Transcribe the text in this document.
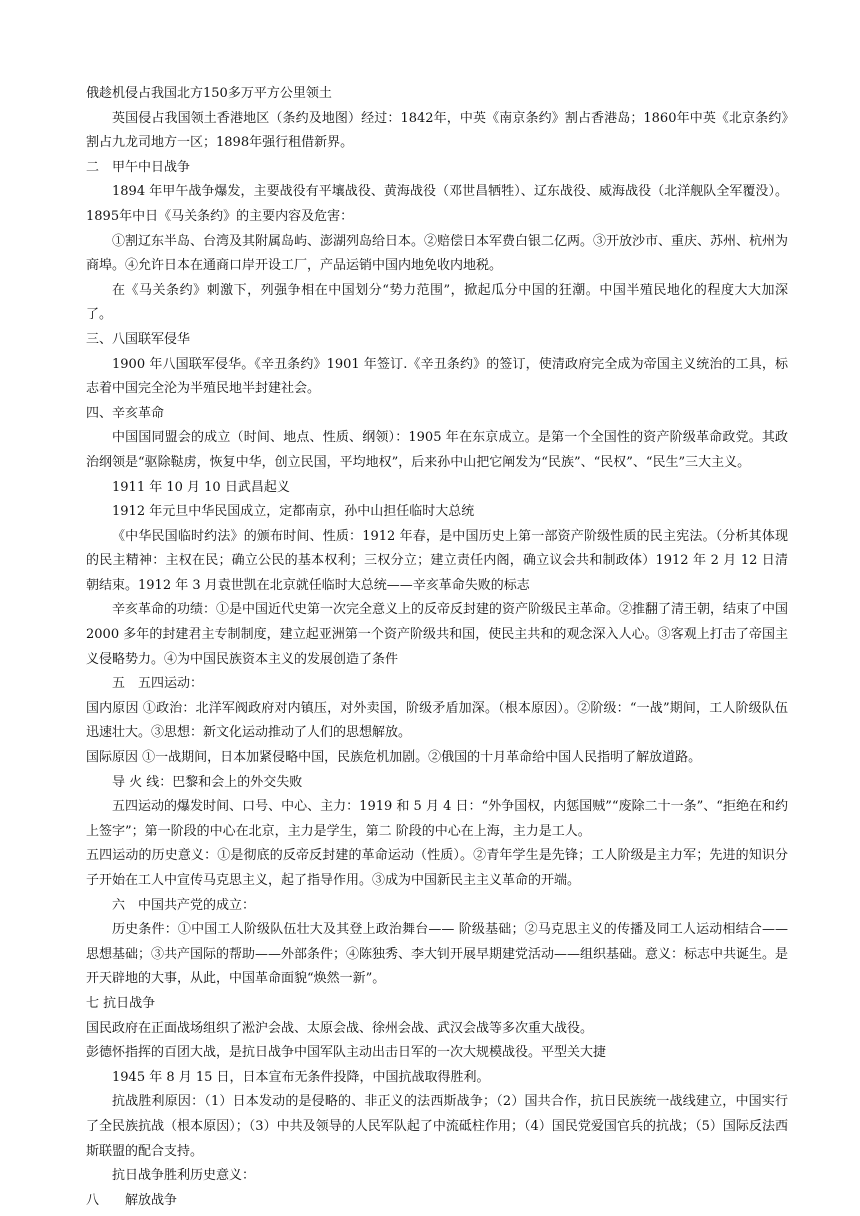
俄趁机侵占我国北方150多万平方公里领土

英国侵占我国领土香港地区（条约及地图）经过：1842年，中英《南京条约》割占香港岛；1860年中英《北京条约》割占九龙司地方一区；1898年强行租借新界。

二　甲午中日战争

1894 年甲午战争爆发，主要战役有平壤战役、黄海战役（邓世昌牺牲）、辽东战役、威海战役（北洋舰队全军覆没）。1895年中日《马关条约》的主要内容及危害：

①割辽东半岛、台湾及其附属岛屿、澎湖列岛给日本。②赔偿日本军费白银二亿两。③开放沙市、重庆、苏州、杭州为商埠。④允许日本在通商口岸开设工厂，产品运销中国内地免收内地税。

在《马关条约》刺激下，列强争相在中国划分“势力范围”，掀起瓜分中国的狂潮。中国半殖民地化的程度大大加深了。

三、八国联军侵华

1900 年八国联军侵华。《辛丑条约》1901 年签订.《辛丑条约》的签订，使清政府完全成为帝国主义统治的工具，标志着中国完全沦为半殖民地半封建社会。

四、辛亥革命

中国国同盟会的成立（时间、地点、性质、纲领）：1905 年在东京成立。是第一个全国性的资产阶级革命政党。其政治纲领是“驱除鞑虏，恢复中华，创立民国，平均地权”，后来孙中山把它阐发为“民族”、“民权”、“民生”三大主义。

1911 年 10 月 10 日武昌起义

1912 年元旦中华民国成立，定都南京，孙中山担任临时大总统

《中华民国临时约法》的颁布时间、性质：1912 年春，是中国历史上第一部资产阶级性质的民主宪法。（分析其体现的民主精神：主权在民；确立公民的基本权利；三权分立；建立责任内阁，确立议会共和制政体）1912 年 2 月 12 日清朝结束。1912 年 3 月袁世凯在北京就任临时大总统——辛亥革命失败的标志

辛亥革命的功绩：①是中国近代史第一次完全意义上的反帝反封建的资产阶级民主革命。②推翻了清王朝，结束了中国 2000 多年的封建君主专制制度，建立起亚洲第一个资产阶级共和国，使民主共和的观念深入人心。③客观上打击了帝国主义侵略势力。④为中国民族资本主义的发展创造了条件

五　五四运动：

国内原因 ①政治：北洋军阀政府对内镇压，对外卖国，阶级矛盾加深。（根本原因）。②阶级：“一战”期间，工人阶级队伍迅速壮大。③思想：新文化运动推动了人们的思想解放。

国际原因 ①一战期间，日本加紧侵略中国，民族危机加剧。②俄国的十月革命给中国人民指明了解放道路。

导 火 线：巴黎和会上的外交失败

五四运动的爆发时间、口号、中心、主力：1919 和 5 月 4 日：“外争国权，内惩国贼”“废除二十一条”、“拒绝在和约上签字”；第一阶段的中心在北京，主力是学生，第二 阶段的中心在上海，主力是工人。

五四运动的历史意义：①是彻底的反帝反封建的革命运动（性质）。②青年学生是先锋；工人阶级是主力军；先进的知识分子开始在工人中宣传马克思主义，起了指导作用。③成为中国新民主主义革命的开端。

六　中国共产党的成立：

历史条件：①中国工人阶级队伍壮大及其登上政治舞台—— 阶级基础；②马克思主义的传播及同工人运动相结合——思想基础；③共产国际的帮助——外部条件；④陈独秀、李大钊开展早期建党活动——组织基础。意义：标志中共诞生。是开天辟地的大事，从此，中国革命面貌“焕然一新”。

七 抗日战争

国民政府在正面战场组织了淞沪会战、太原会战、徐州会战、武汉会战等多次重大战役。

彭德怀指挥的百团大战，是抗日战争中国军队主动出击日军的一次大规模战役。平型关大捷

1945 年 8 月 15 日，日本宣布无条件投降，中国抗战取得胜利。

抗战胜利原因：（1）日本发动的是侵略的、非正义的法西斯战争；（2）国共合作，抗日民族统一战线建立，中国实行了全民族抗战（根本原因）；（3）中共及领导的人民军队起了中流砥柱作用；（4）国民党爱国官兵的抗战；（5）国际反法西斯联盟的配合支持。

抗日战争胜利历史意义：

八　　解放战争
